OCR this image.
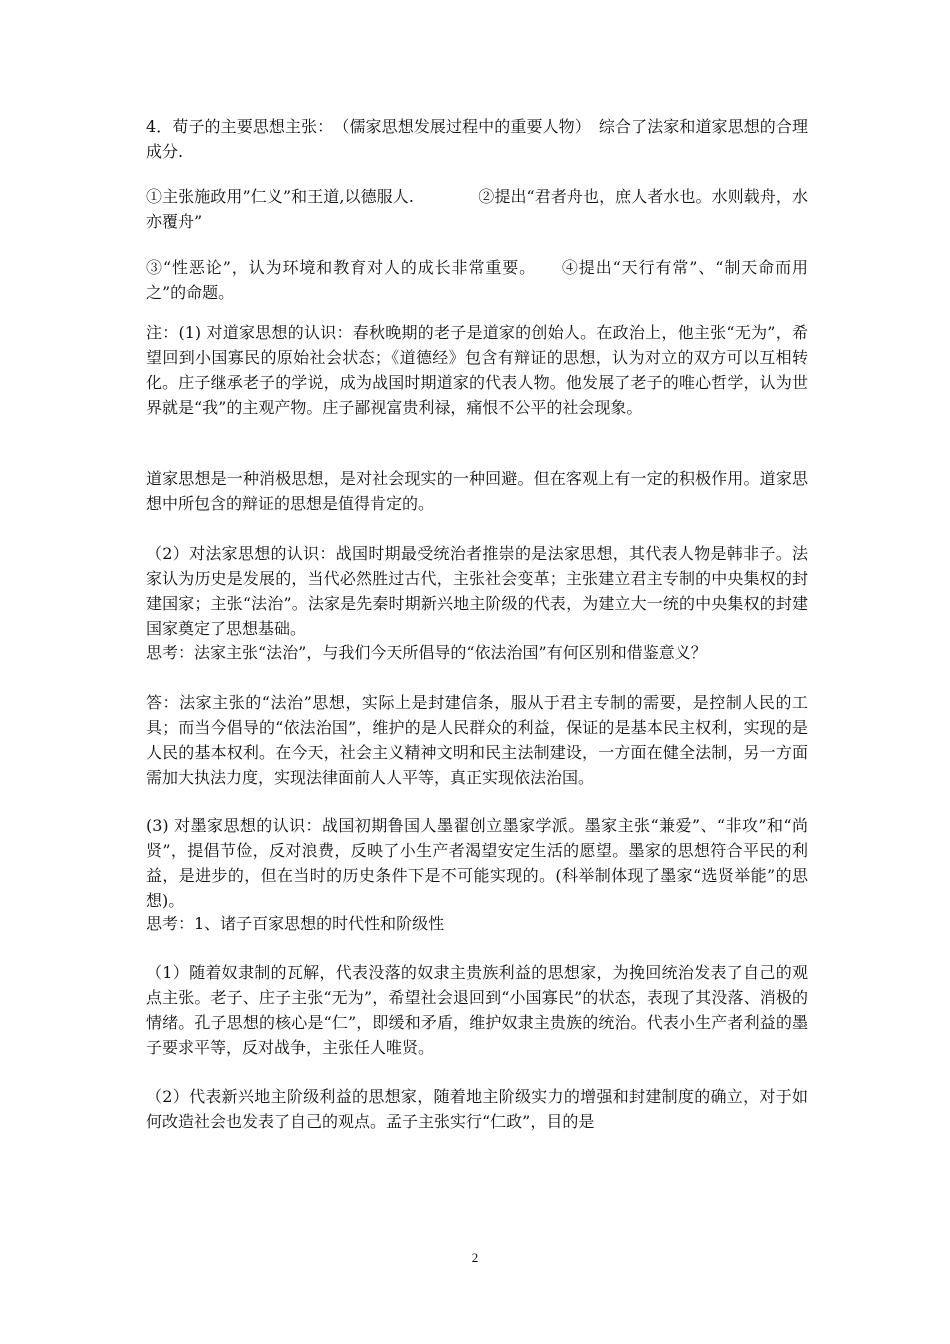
4．荀子的主要思想主张：　（儒家思想发展过程中的重要人物）　综合了法家和道家思想的合理成分.

①主张施政用”仁义”和王道,以德服人.　　　　②提出“君者舟也，庶人者水也。水则载舟，水亦覆舟”

③“性恶论”，认为环境和教育对人的成长非常重要。　　④提出“天行有常”、“制天命而用之”的命题。

注：(1) 对道家思想的认识：春秋晚期的老子是道家的创始人。在政治上，他主张“无为”，希望回到小国寡民的原始社会状态；《道德经》包含有辩证的思想，认为对立的双方可以互相转化。庄子继承老子的学说，成为战国时期道家的代表人物。他发展了老子的唯心哲学，认为世界就是“我”的主观产物。庄子鄙视富贵利禄，痛恨不公平的社会现象。

道家思想是一种消极思想，是对社会现实的一种回避。但在客观上有一定的积极作用。道家思想中所包含的辩证的思想是值得肯定的。

（2）对法家思想的认识：战国时期最受统治者推崇的是法家思想，其代表人物是韩非子。法家认为历史是发展的，当代必然胜过古代，主张社会变革；主张建立君主专制的中央集权的封建国家；主张“法治”。法家是先秦时期新兴地主阶级的代表，为建立大一统的中央集权的封建国家奠定了思想基础。

思考：法家主张“法治”，与我们今天所倡导的“依法治国”有何区别和借鉴意义？

答：法家主张的“法治”思想，实际上是封建信条，服从于君主专制的需要，是控制人民的工具；而当今倡导的“依法治国”，维护的是人民群众的利益，保证的是基本民主权利，实现的是人民的基本权利。在今天，社会主义精神文明和民主法制建设，一方面在健全法制，另一方面需加大执法力度，实现法律面前人人平等，真正实现依法治国。

(3) 对墨家思想的认识：战国初期鲁国人墨翟创立墨家学派。墨家主张“兼爱”、“非攻”和“尚贤”，提倡节俭，反对浪费，反映了小生产者渴望安定生活的愿望。墨家的思想符合平民的利益，是进步的，但在当时的历史条件下是不可能实现的。(科举制体现了墨家“选贤举能”的思想)。

思考：1、诸子百家思想的时代性和阶级性

（1）随着奴隶制的瓦解，代表没落的奴隶主贵族利益的思想家，为挽回统治发表了自己的观点主张。老子、庄子主张“无为”，希望社会退回到“小国寡民”的状态，表现了其没落、消极的情绪。孔子思想的核心是“仁”，即缓和矛盾，维护奴隶主贵族的统治。代表小生产者利益的墨子要求平等，反对战争，主张任人唯贤。

（2）代表新兴地主阶级利益的思想家，随着地主阶级实力的增强和封建制度的确立，对于如何改造社会也发表了自己的观点。孟子主张实行“仁政”，目的是

2
